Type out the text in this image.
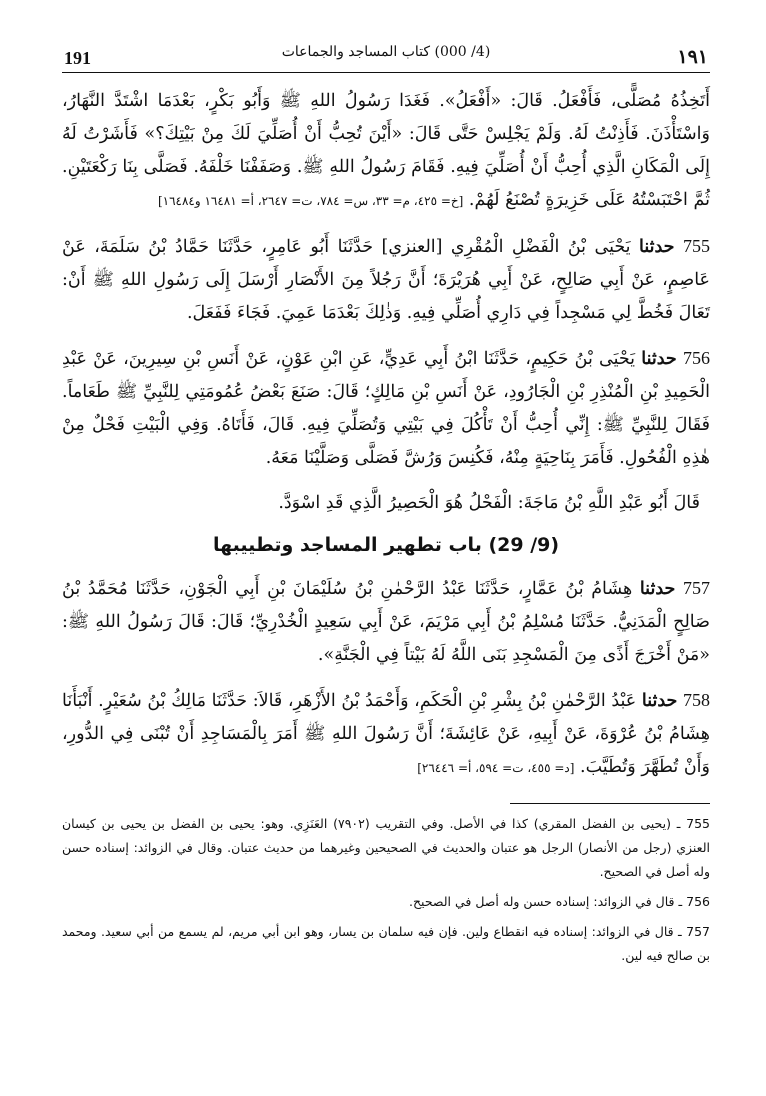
191	(4/ 000) كتاب المساجد والجماعات	١٩١

أَتَخِذُهُ مُصَلًّى، فَأَفْعَلُ. قَالَ: «أَفْعَلُ». فَغَدَا رَسُولُ اللهِ ﷺ وَأَبُو بَكْرٍ، بَعْدَمَا اشْتَدَّ النَّهَارُ، وَاسْتَأْذَنَ. فَأَذِنْتُ لَهُ. وَلَمْ يَجْلِسْ حَتَّى قَالَ: «أَيْنَ تُحِبُّ أَنْ أُصَلِّيَ لَكَ مِنْ بَيْتِكَ؟» فَأَشَرْتُ لَهُ إِلَى الْمَكَانِ الَّذِي أُحِبُّ أَنْ أُصَلِّيَ فِيهِ. فَقَامَ رَسُولُ اللهِ ﷺ. وَصَفَفْنَا خَلْفَهُ. فَصَلَّى بِنَا رَكْعَتَيْنِ. ثُمَّ احْتَبَسْتُهُ عَلَى خَزِيرَةٍ تُصْنَعُ لَهُمْ. [خ= ٤٢٥، م= ٣٣، س= ٧٨٤، ت= ٢٦٤٧، أ= ١٦٤٨١ و١٦٤٨٤]

755 حدثنا يَحْيَى بْنُ الْفَضْلِ الْمُقْرِي [العنزي] حَدَّثَنَا أَبُو عَامِرٍ، حَدَّثَنَا حَمَّادُ بْنُ سَلَمَةَ، عَنْ عَاصِمٍ، عَنْ أَبِي صَالِحٍ، عَنْ أَبِي هُرَيْرَةَ؛ أَنَّ رَجُلاً مِنَ الأَنْصَارِ أَرْسَلَ إِلَى رَسُولِ اللهِ ﷺ أَنْ: تَعَالَ فَخُطَّ لِي مَسْجِداً فِي دَارِي أُصَلِّي فِيهِ. وَذٰلِكَ بَعْدَمَا عَمِيَ. فَجَاءَ فَفَعَلَ.

756 حدثنا يَحْيَى بْنُ حَكِيمٍ، حَدَّثَنَا ابْنُ أَبِي عَدِيٍّ، عَنِ ابْنِ عَوْنٍ، عَنْ أَنَسِ بْنِ سِيرِينَ، عَنْ عَبْدِ الْحَمِيدِ بْنِ الْمُنْذِرِ بْنِ الْجَارُودِ، عَنْ أَنَسِ بْنِ مَالِكٍ؛ قَالَ: صَنَعَ بَعْضُ عُمُومَتِي لِلنَّبِيِّ ﷺ طَعَاماً. فَقَالَ لِلنَّبِيِّ ﷺ: إِنِّي أُحِبُّ أَنْ تَأْكُلَ فِي بَيْتِي وَتُصَلِّيَ فِيهِ. قَالَ، فَأَتَاهُ. وَفِي الْبَيْتِ فَحْلٌ مِنْ هٰذِهِ الْفُحُولِ. فَأَمَرَ بِنَاحِيَةٍ مِنْهُ، فَكُنِسَ وَرُشَّ فَصَلَّى وَصَلَّيْنَا مَعَهُ.

قَالَ أَبُو عَبْدِ اللَّهِ بْنُ مَاجَةَ: الْفَحْلُ هُوَ الْحَصِيرُ الَّذِي قَدِ اسْوَدَّ.

(9/ 29) باب تطهير المساجد وتطييبها

757 حدثنا هِشَامُ بْنُ عَمَّارٍ، حَدَّثَنَا عَبْدُ الرَّحْمٰنِ بْنُ سُلَيْمَانَ بْنِ أَبِي الْجَوْنِ، حَدَّثَنَا مُحَمَّدُ بْنُ صَالِحٍ الْمَدَنِيُّ. حَدَّثَنَا مُسْلِمُ بْنُ أَبِي مَرْيَمَ، عَنْ أَبِي سَعِيدٍ الْخُدْرِيِّ؛ قَالَ: قَالَ رَسُولُ اللهِ ﷺ: «مَنْ أَخْرَجَ أَذًى مِنَ الْمَسْجِدِ بَنَى اللَّهُ لَهُ بَيْتاً فِي الْجَنَّةِ».

758 حدثنا عَبْدُ الرَّحْمٰنِ بْنُ بِشْرِ بْنِ الْحَكَمِ، وَأَحْمَدُ بْنُ الأَزْهَرِ، قَالاَ: حَدَّثَنَا مَالِكُ بْنُ سُعَيْرٍ. أَنْبَأَنَا هِشَامُ بْنُ عُرْوَةَ، عَنْ أَبِيهِ، عَنْ عَائِشَةَ؛ أَنَّ رَسُولَ اللهِ ﷺ أَمَرَ بِالْمَسَاجِدِ أَنْ تُبْنَى فِي الدُّورِ، وَأَنْ تُطَهَّرَ وَتُطَيَّبَ. [د= ٤٥٥، ت= ٥٩٤، أ= ٢٦٤٤٦]

755 ـ (يحيى بن الفضل المقري) كذا في الأصل. وفي التقريب (٧٩٠٢) العَنَزِي. وهو: يحيى بن الفضل بن يحيى بن كيسان العنزي (رجل من الأنصار) الرجل هو عتبان والحديث في الصحيحين وغيرهما من حديث عتبان. وقال في الزوائد: إسناده حسن وله أصل في الصحيح.

756 ـ قال في الزوائد: إسناده حسن وله أصل في الصحيح.

757 ـ قال في الزوائد: إسناده فيه انقطاع ولين. فإن فيه سلمان بن يسار، وهو ابن أبي مريم، لم يسمع من أبي سعيد. ومحمد بن صالح فيه لين.
